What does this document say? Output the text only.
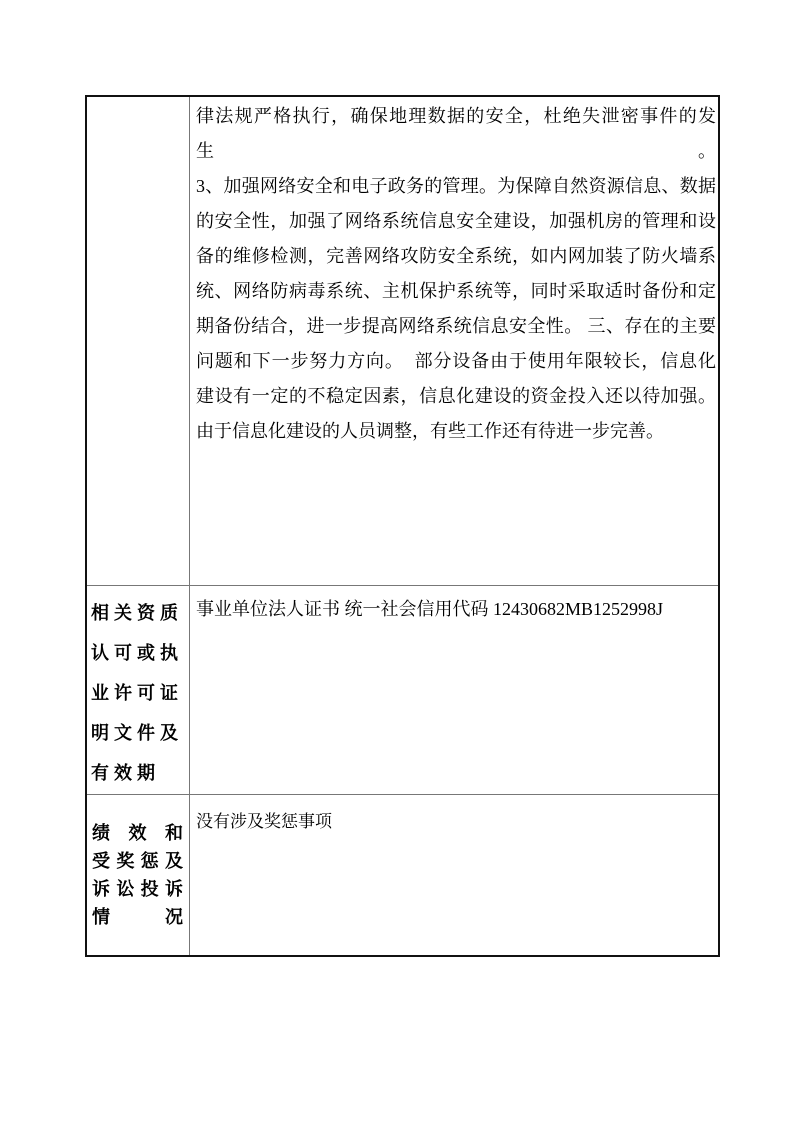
律法规严格执行，确保地理数据的安全，杜绝失泄密事件的发生。
3、加强网络安全和电子政务的管理。为保障自然资源信息、数据
的安全性，加强了网络系统信息安全建设，加强机房的管理和设
备的维修检测，完善网络攻防安全系统，如内网加装了防火墙系
统、网络防病毒系统、主机保护系统等，同时采取适时备份和定
期备份结合，进一步提高网络系统信息安全性。 三、存在的主要
问题和下一步努力方向。  部分设备由于使用年限较长，信息化
建设有一定的不稳定因素，信息化建设的资金投入还以待加强。
由于信息化建设的人员调整，有些工作还有待进一步完善。
相关资质
认可或执
业许可证
明文件及
有效期
事业单位法人证书 统一社会信用代码 12430682MB1252998J
绩 效 和
受奖惩及
诉讼投诉
情 况
没有涉及奖惩事项
